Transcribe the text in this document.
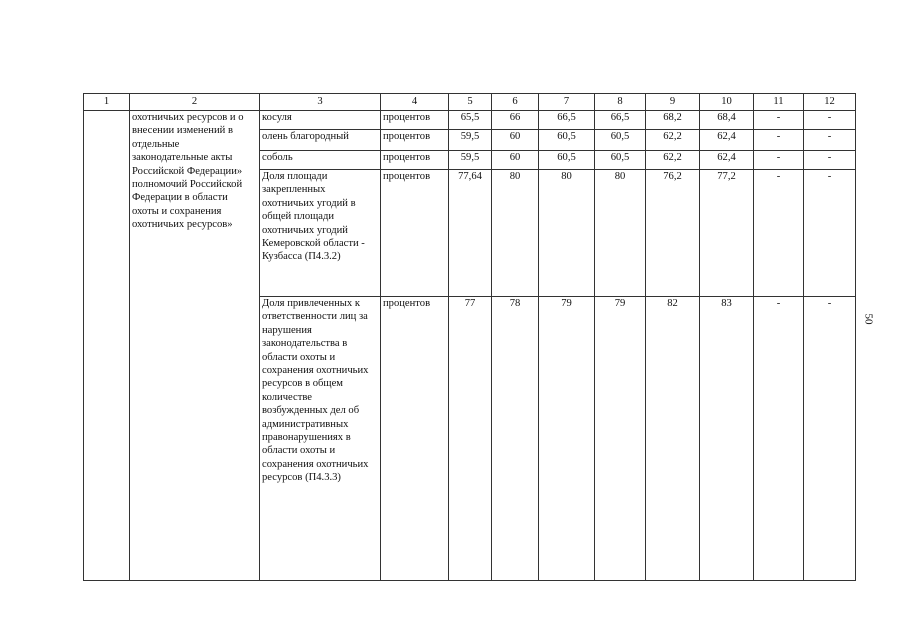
1	2	3	4	5	6	7	8	9	10	11	12
	охотничьих ресурсов и о внесении изменений в отдельные законодательные акты Российской Федерации» полномочий Российской Федерации в области охоты и сохранения охотничьих ресурсов»	косуля	процентов	65,5	66	66,5	66,5	68,2	68,4	-	-
		олень благородный	процентов	59,5	60	60,5	60,5	62,2	62,4	-	-
		соболь	процентов	59,5	60	60,5	60,5	62,2	62,4	-	-
		Доля площади закрепленных охотничьих угодий в общей площади охотничьих угодий Кемеровской области - Кузбасса (П4.3.2)	процентов	77,64	80	80	80	76,2	77,2	-	-
		Доля привлеченных к ответственности лиц за нарушения законодательства в области охоты и сохранения охотничьих ресурсов в общем количестве возбужденных дел об административных правонарушениях в области охоты и сохранения охотничьих ресурсов (П4.3.3)	процентов	77	78	79	79	82	83	-	-
50
